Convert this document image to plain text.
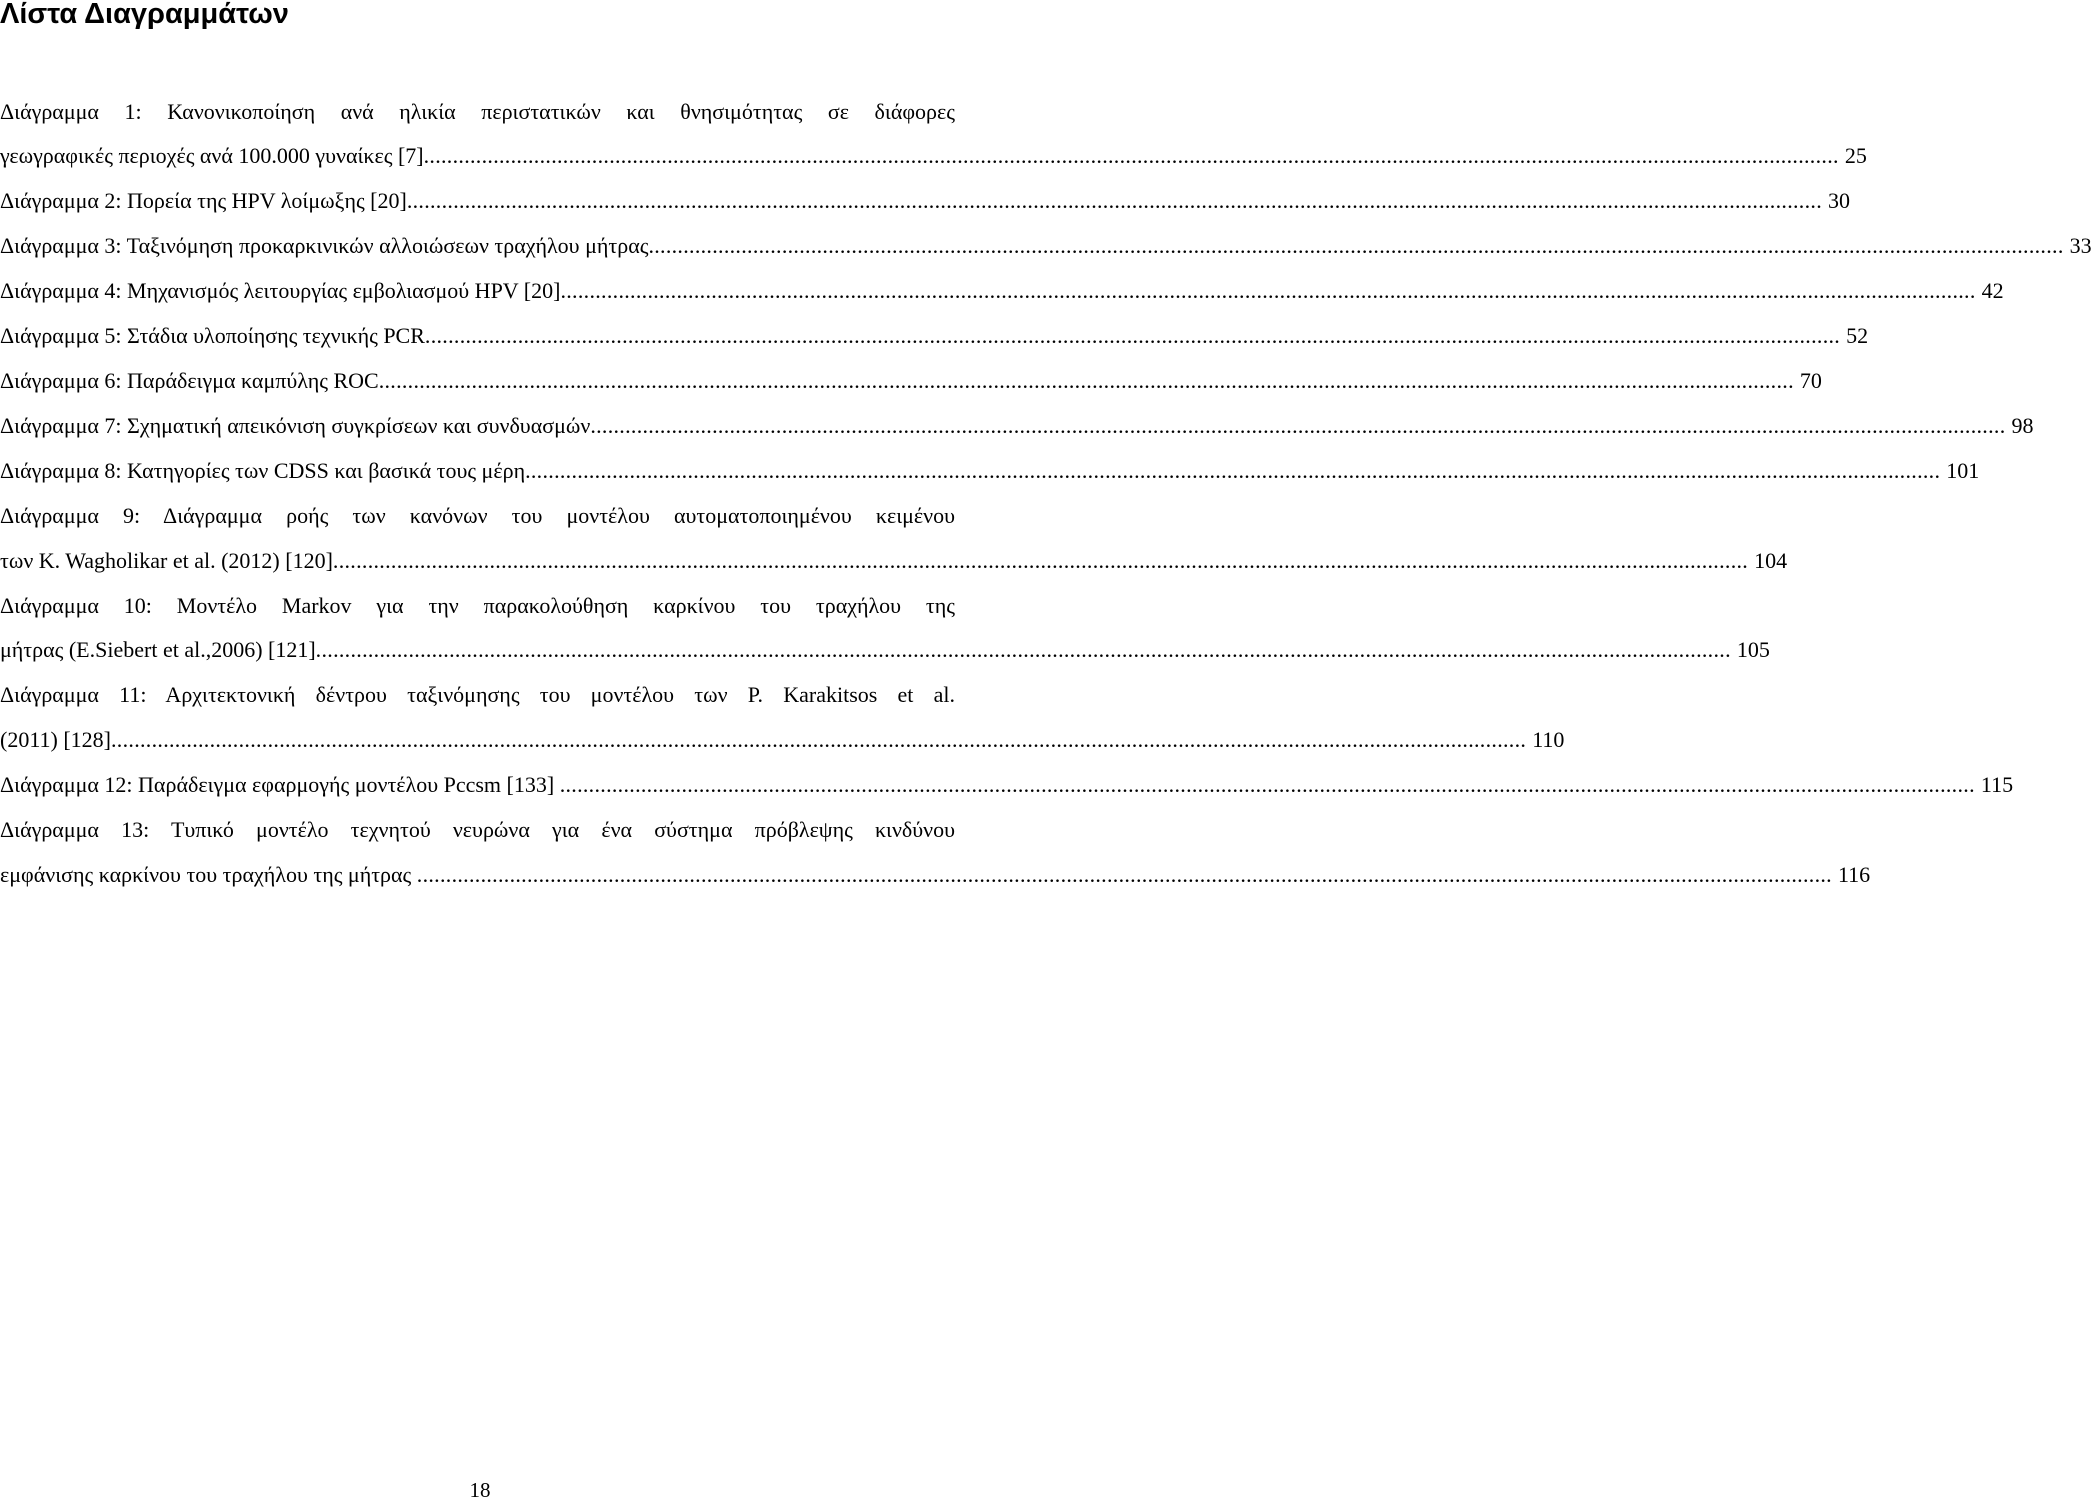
Λίστα Διαγραμμάτων
Διάγραμμα 1: Κανονικοποίηση ανά ηλικία περιστατικών και θνησιμότητας σε διάφορες
γεωγραφικές περιοχές ανά 100.000 γυναίκες [7] .................................................................................................................................................................................................................................................... 25
Διάγραμμα 2: Πορεία της HPV λοίμωξης [20] .................................................................................................................................................................................................................................................... 30
Διάγραμμα 3: Ταξινόμηση προκαρκινικών αλλοιώσεων τραχήλου μήτρας .................................................................................................................................................................................................................................................... 33
Διάγραμμα 4: Μηχανισμός λειτουργίας εμβολιασμού HPV [20] .................................................................................................................................................................................................................................................... 42
Διάγραμμα 5: Στάδια υλοποίησης τεχνικής PCR .................................................................................................................................................................................................................................................... 52
Διάγραμμα 6: Παράδειγμα καμπύλης ROC .................................................................................................................................................................................................................................................... 70
Διάγραμμα 7: Σχηματική απεικόνιση συγκρίσεων και συνδυασμών .................................................................................................................................................................................................................................................... 98
Διάγραμμα 8: Κατηγορίες των CDSS και βασικά τους μέρη .................................................................................................................................................................................................................................................... 101
Διάγραμμα 9: Διάγραμμα ροής των κανόνων του μοντέλου αυτοματοποιημένου κειμένου
των K. Wagholikar et al. (2012) [120] .................................................................................................................................................................................................................................................... 104
Διάγραμμα 10: Μοντέλο Markov για την παρακολούθηση καρκίνου του τραχήλου της
μήτρας (E.Siebert et al.,2006) [121] .................................................................................................................................................................................................................................................... 105
Διάγραμμα 11: Αρχιτεκτονική δέντρου ταξινόμησης του μοντέλου των P. Karakitsos et al.
(2011) [128] .................................................................................................................................................................................................................................................... 110
Διάγραμμα 12: Παράδειγμα εφαρμογής μοντέλου Pccsm [133] .................................................................................................................................................................................................................................................... 115
Διάγραμμα 13: Τυπικό μοντέλο τεχνητού νευρώνα για ένα σύστημα πρόβλεψης κινδύνου
εμφάνισης καρκίνου του τραχήλου της μήτρας .................................................................................................................................................................................................................................................... 116
18
